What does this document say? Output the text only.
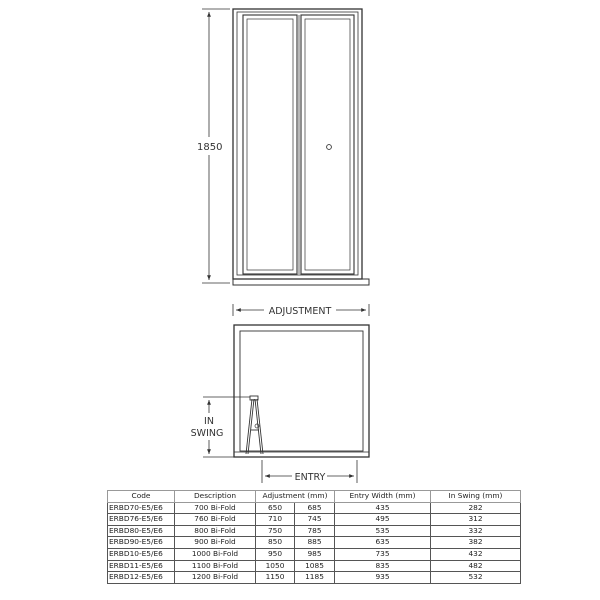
1850
ADJUSTMENT
IN
SWING
ENTRY
Code	Description	Adjustment (mm)		Entry Width (mm)	In Swing (mm)
ERBD70-E5/E6	700 Bi-Fold	650	685	435	282
ERBD76-E5/E6	760 Bi-Fold	710	745	495	312
ERBD80-E5/E6	800 Bi-Fold	750	785	535	332
ERBD90-E5/E6	900 Bi-Fold	850	885	635	382
ERBD10-E5/E6	1000 Bi-Fold	950	985	735	432
ERBD11-E5/E6	1100 Bi-Fold	1050	1085	835	482
ERBD12-E5/E6	1200 Bi-Fold	1150	1185	935	532
